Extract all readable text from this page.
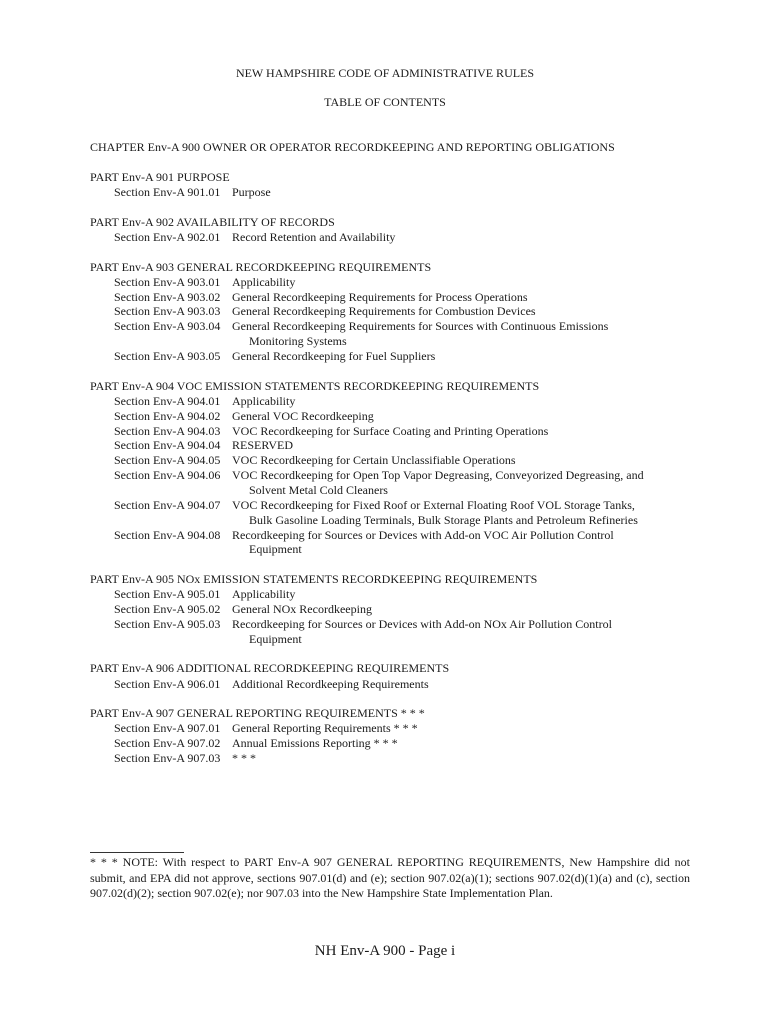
NEW HAMPSHIRE CODE OF ADMINISTRATIVE RULES
TABLE OF CONTENTS
CHAPTER Env-A 900 OWNER OR OPERATOR RECORDKEEPING AND REPORTING OBLIGATIONS
PART Env-A 901 PURPOSE
Section Env-A 901.01 Purpose
PART Env-A 902 AVAILABILITY OF RECORDS
Section Env-A 902.01 Record Retention and Availability
PART Env-A 903 GENERAL RECORDKEEPING REQUIREMENTS
Section Env-A 903.01 Applicability
Section Env-A 903.02 General Recordkeeping Requirements for Process Operations
Section Env-A 903.03 General Recordkeeping Requirements for Combustion Devices
Section Env-A 903.04 General Recordkeeping Requirements for Sources with Continuous Emissions
Monitoring Systems
Section Env-A 903.05 General Recordkeeping for Fuel Suppliers
PART Env-A 904 VOC EMISSION STATEMENTS RECORDKEEPING REQUIREMENTS
Section Env-A 904.01 Applicability
Section Env-A 904.02 General VOC Recordkeeping
Section Env-A 904.03 VOC Recordkeeping for Surface Coating and Printing Operations
Section Env-A 904.04 RESERVED
Section Env-A 904.05 VOC Recordkeeping for Certain Unclassifiable Operations
Section Env-A 904.06 VOC Recordkeeping for Open Top Vapor Degreasing, Conveyorized Degreasing, and
Solvent Metal Cold Cleaners
Section Env-A 904.07 VOC Recordkeeping for Fixed Roof or External Floating Roof VOL Storage Tanks,
Bulk Gasoline Loading Terminals, Bulk Storage Plants and Petroleum Refineries
Section Env-A 904.08 Recordkeeping for Sources or Devices with Add-on VOC Air Pollution Control
Equipment
PART Env-A 905 NOx EMISSION STATEMENTS RECORDKEEPING REQUIREMENTS
Section Env-A 905.01 Applicability
Section Env-A 905.02 General NOx Recordkeeping
Section Env-A 905.03 Recordkeeping for Sources or Devices with Add-on NOx Air Pollution Control
Equipment
PART Env-A 906 ADDITIONAL RECORDKEEPING REQUIREMENTS
Section Env-A 906.01 Additional Recordkeeping Requirements
PART Env-A 907 GENERAL REPORTING REQUIREMENTS * * *
Section Env-A 907.01 General Reporting Requirements * * *
Section Env-A 907.02 Annual Emissions Reporting * * *
Section Env-A 907.03 * * *
* * * NOTE: With respect to PART Env-A 907 GENERAL REPORTING REQUIREMENTS, New Hampshire did not submit, and EPA did not approve, sections 907.01(d) and (e); section 907.02(a)(1); sections 907.02(d)(1)(a) and (c), section 907.02(d)(2); section 907.02(e); nor 907.03 into the New Hampshire State Implementation Plan.
NH Env-A 900 - Page i
